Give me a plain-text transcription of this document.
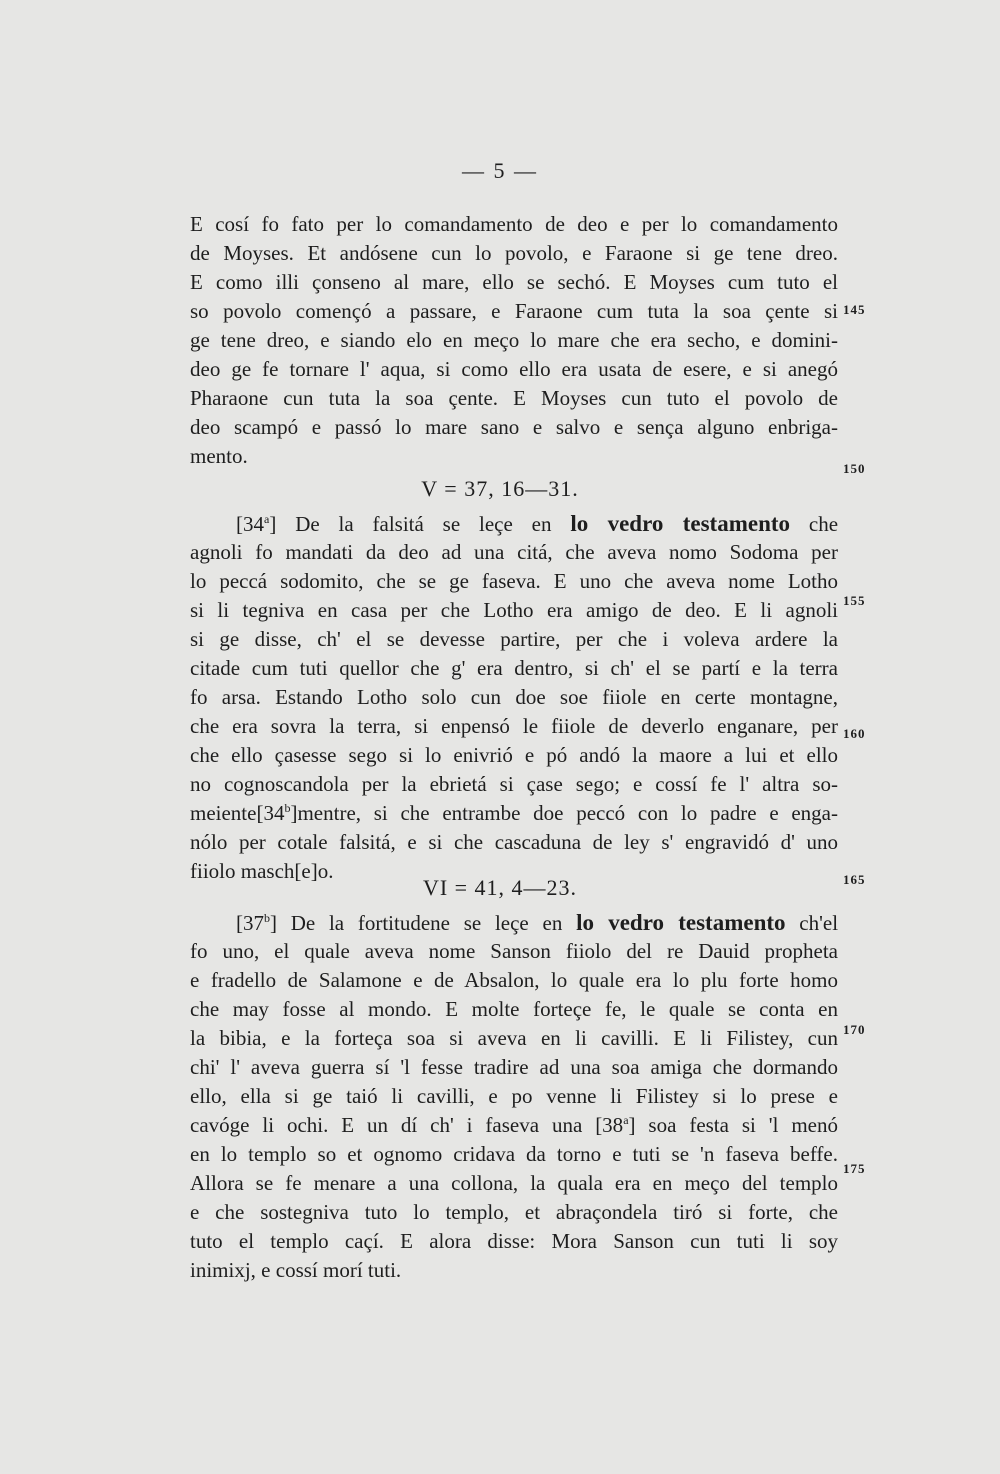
— 5 —
E cosí fo fato per lo comandamento de deo e per lo comandamento
de Moyses. Et andósene cun lo povolo, e Faraone si ge tene dreo.
E como illi çonseno al mare, ello se sechó. E Moyses cum tuto el
so povolo començó a passare, e Faraone cum tuta la soa çente si
ge tene dreo, e siando elo en meço lo mare che era secho, e domini-
deo ge fe tornare l' aqua, si como ello era usata de esere, e si anegó
Pharaone cun tuta la soa çente. E Moyses cun tuto el povolo de
deo scampó e passó lo mare sano e salvo e sença alguno enbriga-
mento.
V = 37, 16—31.
[34$^a$] De la falsitá se leçe en lo vedro testamento che
agnoli fo mandati da deo ad una citá, che aveva nomo Sodoma per
lo peccá sodomito, che se ge faseva. E uno che aveva nome Lotho
si li tegniva en casa per che Lotho era amigo de deo. E li agnoli
si ge disse, ch' el se devesse partire, per che i voleva ardere la
citade cum tuti quellor che g' era dentro, si ch' el se partí e la terra
fo arsa. Estando Lotho solo cun doe soe fiiole en certe montagne,
che era sovra la terra, si enpensó le fiiole de deverlo enganare, per
che ello çasesse sego si lo enivrió e pó andó la maore a lui et ello
no cognoscandola per la ebrietá si çase sego; e cossí fe l' altra so-
meiente[34$^b$]mentre, si che entrambe doe peccó con lo padre e enga-
nólo per cotale falsitá, e si che cascaduna de ley s' engravidó d' uno
fiiolo masch[e]o.
VI = 41, 4—23.
[37$^b$] De la fortitudene se leçe en lo vedro testamento ch'el
fo uno, el quale aveva nome Sanson fiiolo del re Dauid propheta
e fradello de Salamone e de Absalon, lo quale era lo plu forte homo
che may fosse al mondo. E molte forteçe fe, le quale se conta en
la bibia, e la forteça soa si aveva en li cavilli. E li Filistey, cun
chi' l' aveva guerra sí 'l fesse tradire ad una soa amiga che dormando
ello, ella si ge taió li cavilli, e po venne li Filistey si lo prese e
cavóge li ochi. E un dí ch' i faseva una [38$^a$] soa festa si 'l menó
en lo templo so et ognomo cridava da torno e tuti se 'n faseva beffe.
Allora se fe menare a una collona, la quala era en meço del templo
e che sostegniva tuto lo templo, et abraçondela tiró si forte, che
tuto el templo caçí. E alora disse: Mora Sanson cun tuti li soy
inimixj, e cossí morí tuti.
145
150
155
160
165
170
175
